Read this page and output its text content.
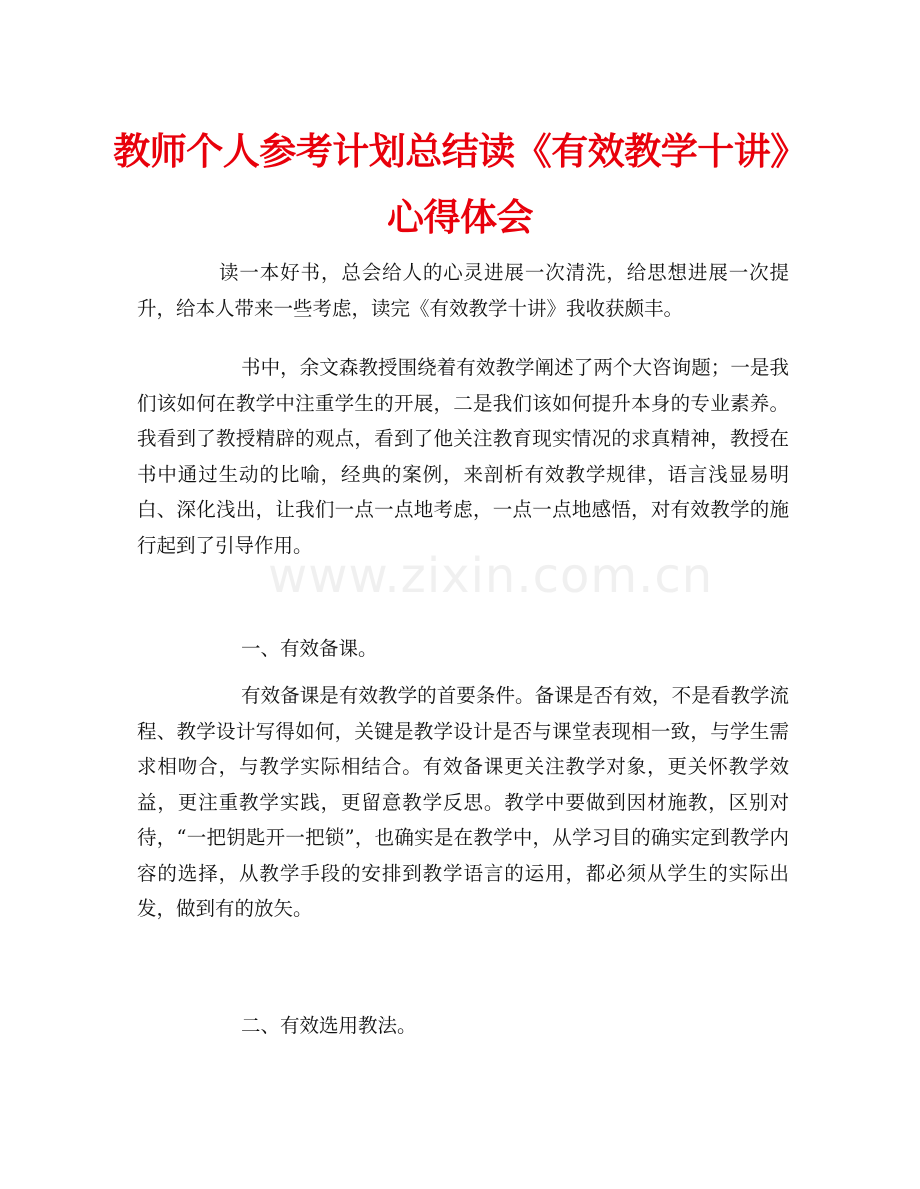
教师个人参考计划总结读《有效教学十讲》
心得体会

读一本好书，总会给人的心灵进展一次清洗，给思想进展一次提升，给本人带来一些考虑，读完《有效教学十讲》我收获颇丰。

书中，余文森教授围绕着有效教学阐述了两个大咨询题；一是我们该如何在教学中注重学生的开展，二是我们该如何提升本身的专业素养。我看到了教授精辟的观点，看到了他关注教育现实情况的求真精神，教授在书中通过生动的比喻，经典的案例，来剖析有效教学规律，语言浅显易明白、深化浅出，让我们一点一点地考虑，一点一点地感悟，对有效教学的施行起到了引导作用。

一、有效备课。

有效备课是有效教学的首要条件。备课是否有效，不是看教学流程、教学设计写得如何，关键是教学设计是否与课堂表现相一致，与学生需求相吻合，与教学实际相结合。有效备课更关注教学对象，更关怀教学效益，更注重教学实践，更留意教学反思。教学中要做到因材施教，区别对待，“一把钥匙开一把锁”，也确实是在教学中，从学习目的确实定到教学内容的选择，从教学手段的安排到教学语言的运用，都必须从学生的实际出发，做到有的放矢。

二、有效选用教法。

www.zixin.com.cn
